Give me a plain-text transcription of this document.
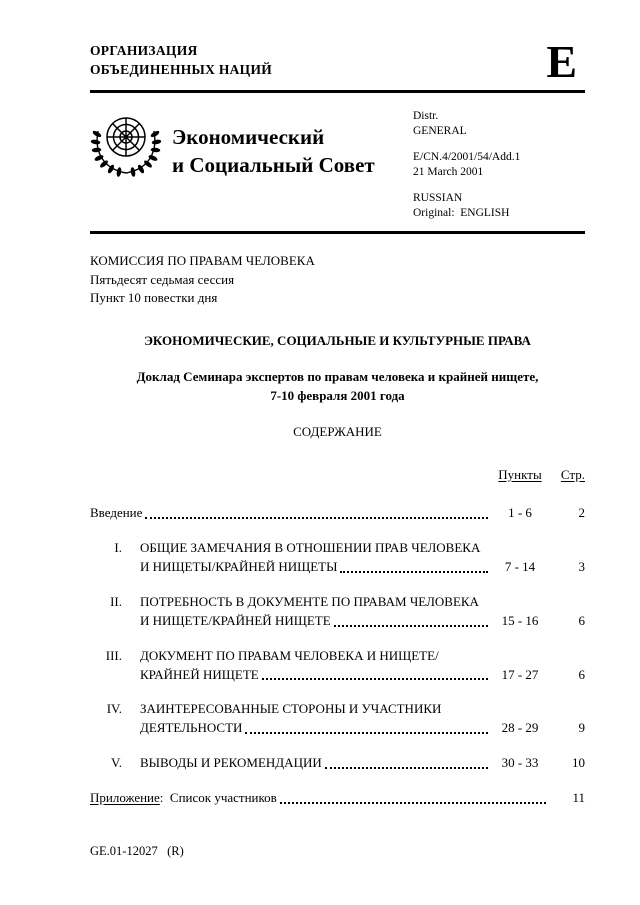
ОРГАНИЗАЦИЯ
ОБЪЕДИНЕННЫХ НАЦИЙ	E
Экономический
и Социальный Совет
Distr.
GENERAL
E/CN.4/2001/54/Add.1
21 March 2001
RUSSIAN
Original:  ENGLISH
КОМИССИЯ ПО ПРАВАМ ЧЕЛОВЕКА
Пятьдесят седьмая сессия
Пункт 10 повестки дня
ЭКОНОМИЧЕСКИЕ, СОЦИАЛЬНЫЕ И КУЛЬТУРНЫЕ ПРАВА
Доклад Семинара экспертов по правам человека и крайней нищете,
7-10 февраля 2001 года
СОДЕРЖАНИЕ
Пункты	Стр.
Введение	1 - 6	2
I.	ОБЩИЕ ЗАМЕЧАНИЯ В ОТНОШЕНИИ ПРАВ ЧЕЛОВЕКА
И НИЩЕТЫ/КРАЙНЕЙ НИЩЕТЫ	7 - 14	3
II.	ПОТРЕБНОСТЬ В ДОКУМЕНТЕ ПО ПРАВАМ ЧЕЛОВЕКА
И НИЩЕТЕ/КРАЙНЕЙ НИЩЕТЕ	15 - 16	6
III.	ДОКУМЕНТ ПО ПРАВАМ ЧЕЛОВЕКА И НИЩЕТЕ/
КРАЙНЕЙ НИЩЕТЕ	17 - 27	6
IV.	ЗАИНТЕРЕСОВАННЫЕ СТОРОНЫ И УЧАСТНИКИ
ДЕЯТЕЛЬНОСТИ	28 - 29	9
V.	ВЫВОДЫ И РЕКОМЕНДАЦИИ	30 - 33	10
Приложение:  Список участников	11
GE.01-12027   (R)
